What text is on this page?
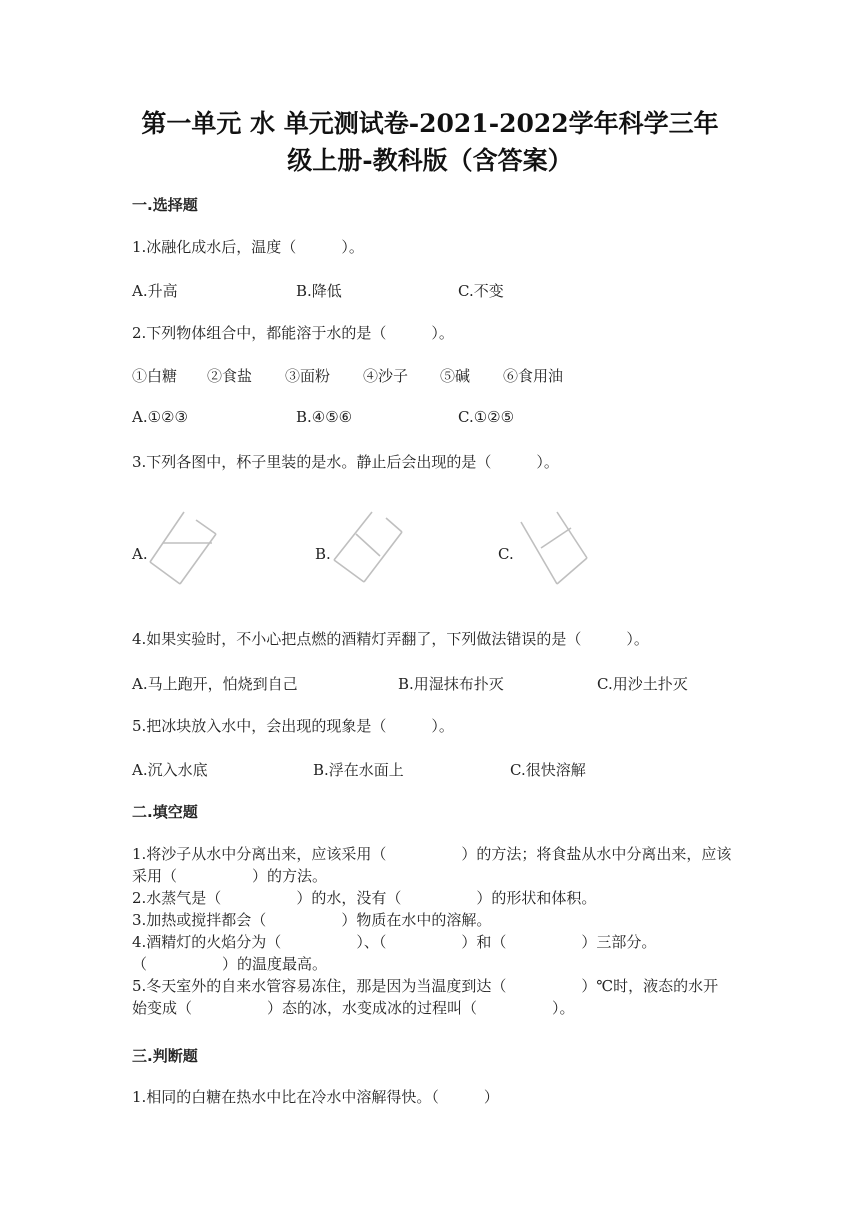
第一单元 水 单元测试卷-2021-2022学年科学三年
级上册-教科版（含答案）
一.选择题
1.冰融化成水后，温度（　　　）。
A.升高	B.降低	C.不变
2.下列物体组合中，都能溶于水的是（　　　）。
①白糖 ②食盐 ③面粉 ④沙子 ⑤碱 ⑥食用油
A.①②③	B.④⑤⑥	C.①②⑤
3.下列各图中，杯子里装的是水。静止后会出现的是（　　　）。
A.	B.	C.
4.如果实验时，不小心把点燃的酒精灯弄翻了，下列做法错误的是（　　　）。
A.马上跑开，怕烧到自己	B.用湿抹布扑灭	C.用沙土扑灭
5.把冰块放入水中，会出现的现象是（　　　）。
A.沉入水底	B.浮在水面上	C.很快溶解
二.填空题

1.将沙子从水中分离出来，应该采用（　　　　　）的方法；将食盐从水中分离出来，应该采用（　　　　　）的方法。

2.水蒸气是（　　　　　）的水，没有（　　　　　）的形状和体积。

3.加热或搅拌都会（　　　　　）物质在水中的溶解。

4.酒精灯的火焰分为（　　　　　）、（　　　　　）和（　　　　　）三部分。（　　　　　）的温度最高。

5.冬天室外的自来水管容易冻住，那是因为当温度到达（　　　　　）℃时，液态的水开始变成（　　　　　）态的冰，水变成冰的过程叫（　　　　　）。

三.判断题
1.相同的白糖在热水中比在冷水中溶解得快。（　　　）
